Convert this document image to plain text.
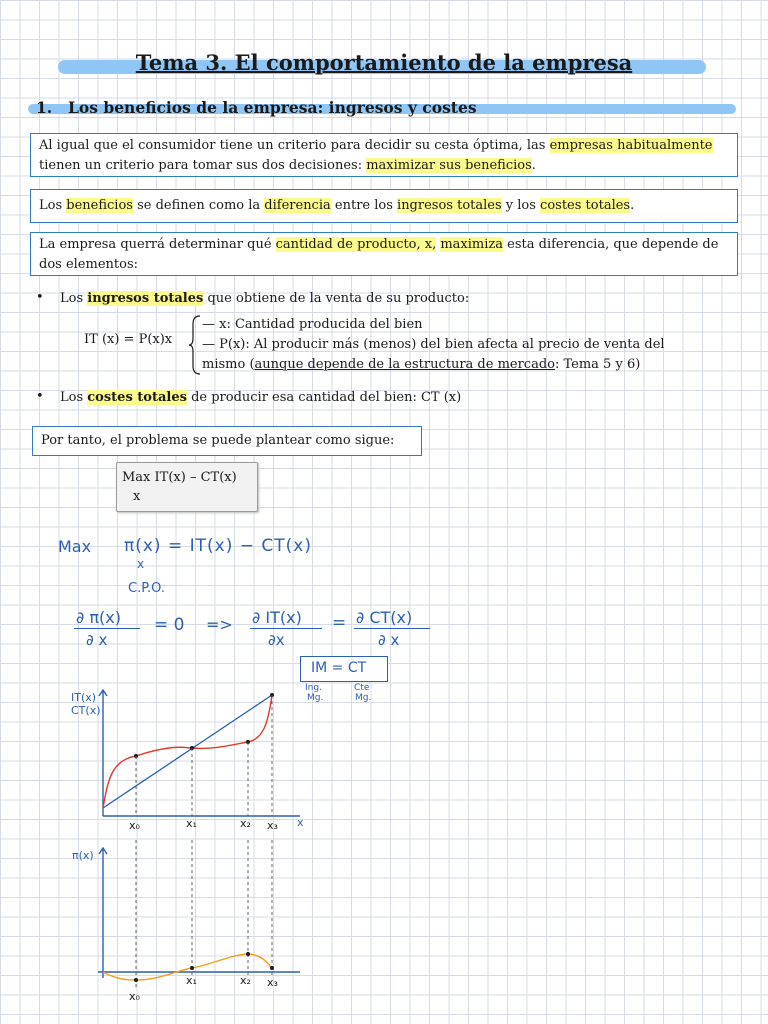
Tema 3. El comportamiento de la empresa
1. Los beneficios de la empresa: ingresos y costes
Al igual que el consumidor tiene un criterio para decidir su cesta óptima, las empresas habitualmente
tienen un criterio para tomar sus dos decisiones: maximizar sus beneficios.
Los beneficios se definen como la diferencia entre los ingresos totales y los costes totales.
La empresa querrá determinar qué cantidad de producto, x, maximiza esta diferencia, que depende de
dos elementos:
• Los ingresos totales que obtiene de la venta de su producto:
IT (x) = P(x)x
— x: Cantidad producida del bien
— P(x): Al producir más (menos) del bien afecta al precio de venta del
mismo (aunque depende de la estructura de mercado: Tema 5 y 6)
• Los costes totales de producir esa cantidad del bien: CT (x)
Por tanto, el problema se puede plantear como sigue:
Max IT(x) – CT(x)
x
Max π(x) = IT(x) − CT(x)
x
C.P.O.
∂ π(x)
∂ x
= 0 => ∂ IT(x)
∂x
= ∂ CT(x)
∂ x
IM = CT
Ing.
Mg.
Cte
Mg.
IT(x)
CT(x)
x
x₀	x₁	x₂ x₃
π(x)
x₀
x₁	x₂ x₃
